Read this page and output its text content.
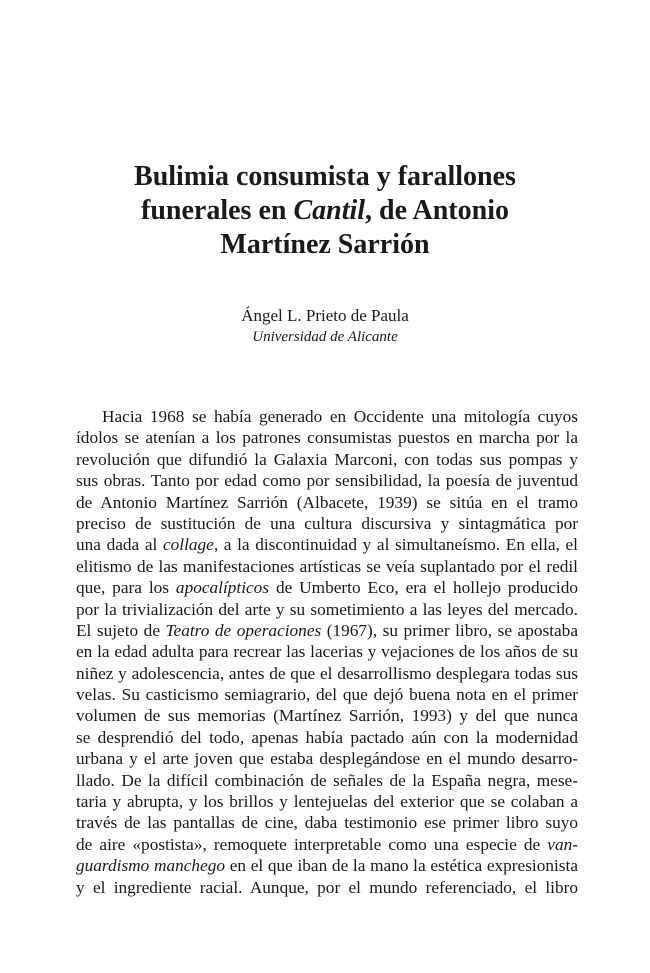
Bulimia consumista y farallones
funerales en Cantil, de Antonio
Martínez Sarrión
Ángel L. Prieto de Paula
Universidad de Alicante
Hacia 1968 se había generado en Occidente una mitología cuyos
ídolos se atenían a los patrones consumistas puestos en marcha por la
revolución que difundió la Galaxia Marconi, con todas sus pompas y
sus obras. Tanto por edad como por sensibilidad, la poesía de juventud
de Antonio Martínez Sarrión (Albacete, 1939) se sitúa en el tramo
preciso de sustitución de una cultura discursiva y sintagmática por
una dada al collage, a la discontinuidad y al simultaneísmo. En ella, el
elitismo de las manifestaciones artísticas se veía suplantado por el redil
que, para los apocalípticos de Umberto Eco, era el hollejo producido
por la trivialización del arte y su sometimiento a las leyes del mercado.
El sujeto de Teatro de operaciones (1967), su primer libro, se apostaba
en la edad adulta para recrear las lacerias y vejaciones de los años de su
niñez y adolescencia, antes de que el desarrollismo desplegara todas sus
velas. Su casticismo semiagrario, del que dejó buena nota en el primer
volumen de sus memorias (Martínez Sarrión, 1993) y del que nunca
se desprendió del todo, apenas había pactado aún con la modernidad
urbana y el arte joven que estaba desplegándose en el mundo desarro-
llado. De la difícil combinación de señales de la España negra, mese-
taria y abrupta, y los brillos y lentejuelas del exterior que se colaban a
través de las pantallas de cine, daba testimonio ese primer libro suyo
de aire «postista», remoquete interpretable como una especie de van-
guardismo manchego en el que iban de la mano la estética expresionista
y el ingrediente racial. Aunque, por el mundo referenciado, el libro
